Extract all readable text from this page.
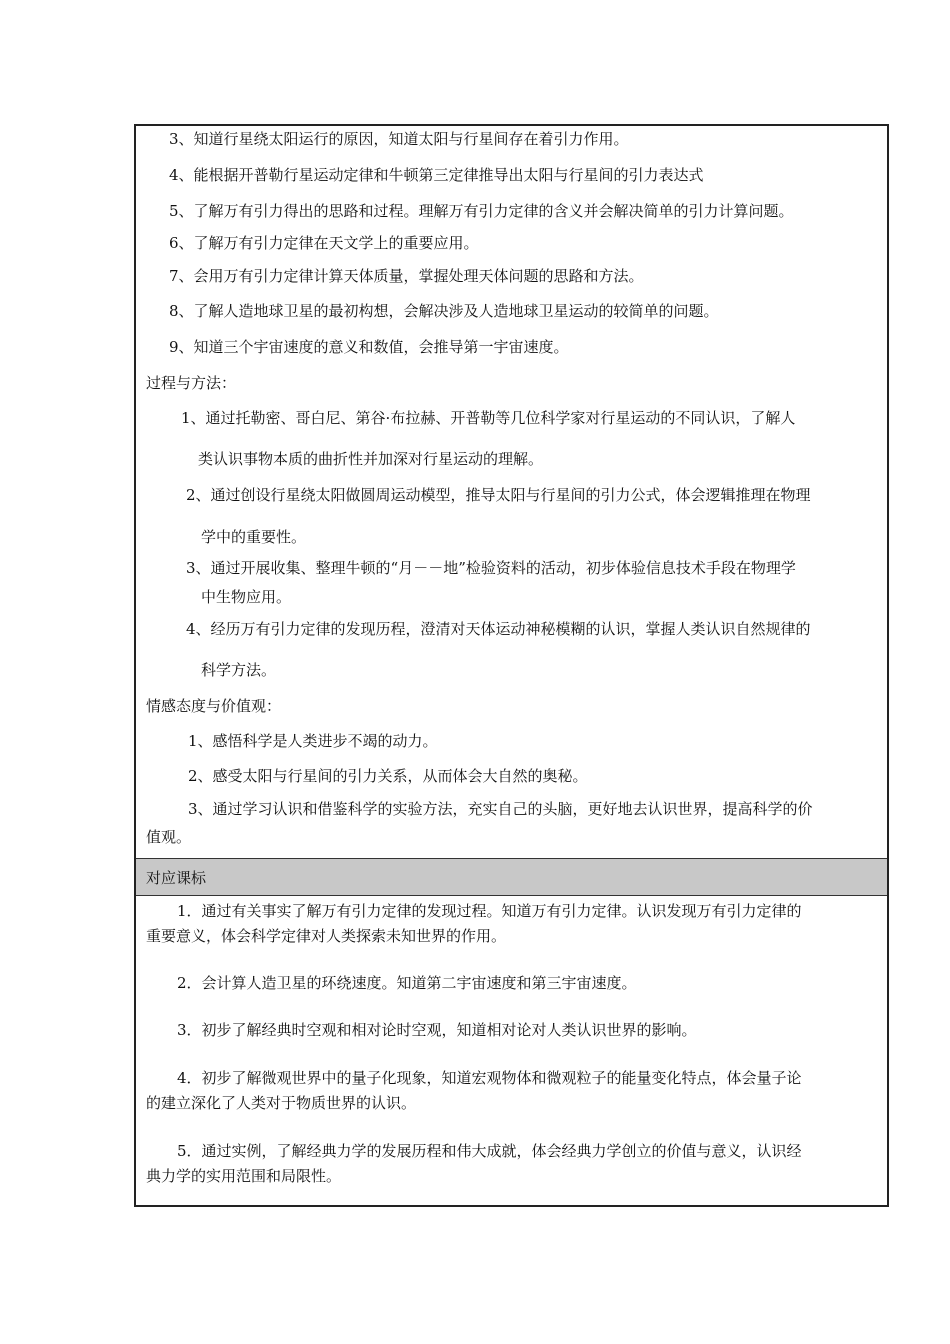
3、知道行星绕太阳运行的原因，知道太阳与行星间存在着引力作用。
4、能根据开普勒行星运动定律和牛顿第三定律推导出太阳与行星间的引力表达式
5、了解万有引力得出的思路和过程。理解万有引力定律的含义并会解决简单的引力计算问题。
6、了解万有引力定律在天文学上的重要应用。
7、会用万有引力定律计算天体质量，掌握处理天体问题的思路和方法。
8、了解人造地球卫星的最初构想，会解决涉及人造地球卫星运动的较简单的问题。
9、知道三个宇宙速度的意义和数值，会推导第一宇宙速度。
过程与方法：
1、通过托勒密、哥白尼、第谷·布拉赫、开普勒等几位科学家对行星运动的不同认识，了解人
类认识事物本质的曲折性并加深对行星运动的理解。
2、通过创设行星绕太阳做圆周运动模型，推导太阳与行星间的引力公式，体会逻辑推理在物理
学中的重要性。
3、通过开展收集、整理牛顿的“月－－地”检验资料的活动，初步体验信息技术手段在物理学
中生物应用。
4、经历万有引力定律的发现历程，澄清对天体运动神秘模糊的认识，掌握人类认识自然规律的
科学方法。
情感态度与价值观：
1、感悟科学是人类进步不竭的动力。
2、感受太阳与行星间的引力关系，从而体会大自然的奥秘。
3、通过学习认识和借鉴科学的实验方法，充实自己的头脑，更好地去认识世界，提高科学的价
值观。
对应课标
1．通过有关事实了解万有引力定律的发现过程。知道万有引力定律。认识发现万有引力定律的
重要意义，体会科学定律对人类探索未知世界的作用。
2．会计算人造卫星的环绕速度。知道第二宇宙速度和第三宇宙速度。
3．初步了解经典时空观和相对论时空观，知道相对论对人类认识世界的影响。
4．初步了解微观世界中的量子化现象，知道宏观物体和微观粒子的能量变化特点，体会量子论
的建立深化了人类对于物质世界的认识。
5．通过实例，了解经典力学的发展历程和伟大成就，体会经典力学创立的价值与意义，认识经
典力学的实用范围和局限性。
